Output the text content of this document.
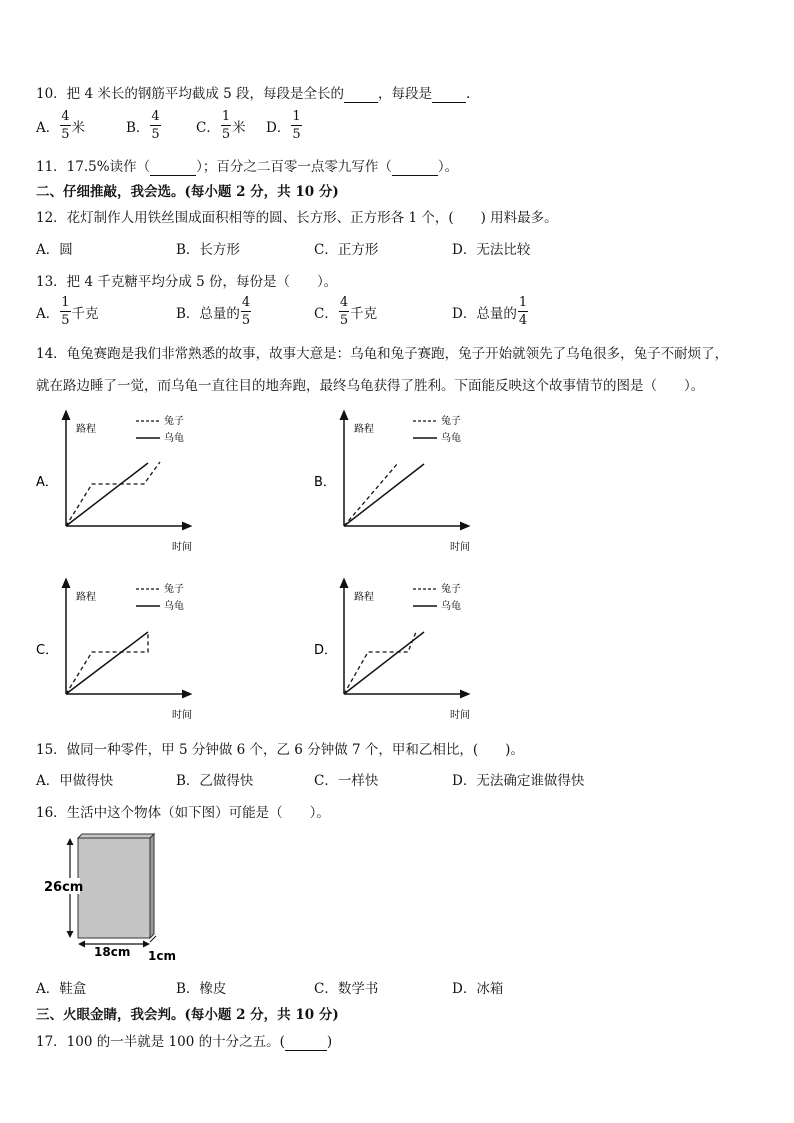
10．把 4 米长的钢筋平均截成 5 段，每段是全长的	，每段是	.
A． $\frac{4}{5}$ 米	B． $\frac{4}{5}$	C． $\frac{1}{5}$ 米 D． $\frac{1}{5}$
11．17.5%读作（	）；百分之二百零一点零九写作（	）。
二、仔细推敲，我会选。(每小题 2 分，共 10 分)
12．花灯制作人用铁丝围成面积相等的圆、长方形、正方形各 1 个，(　　) 用料最多。
A．圆	B．长方形	C．正方形	D．无法比较
13．把 4 千克糖平均分成 5 份，每份是（　　）。
A． $\frac{1}{5}$ 千克	B． 总量的 $\frac{4}{5}$	C． $\frac{4}{5}$ 千克	D． 总量的 $\frac{1}{4}$
14．龟兔赛跑是我们非常熟悉的故事，故事大意是：乌龟和兔子赛跑，兔子开始就领先了乌龟很多，兔子不耐烦了，
就在路边睡了一觉，而乌龟一直往目的地奔跑，最终乌龟获得了胜利。下面能反映这个故事情节的图是（　　）。
A．
路程
时间
兔子
乌龟
B．
路程
时间
兔子
乌龟
C．
路程
时间
兔子
乌龟
D．
路程
时间
兔子
乌龟
15．做同一种零件，甲 5 分钟做 6 个，乙 6 分钟做 7 个，甲和乙相比，(　　)。
A．甲做得快	B．乙做得快	C．一样快	D．无法确定谁做得快
16．生活中这个物体（如下图）可能是（　　）。
26cm
18cm 1cm
A．鞋盒	B．橡皮	C．数学书	D．冰箱
三、火眼金睛，我会判。(每小题 2 分，共 10 分)
17．100 的一半就是 100 的十分之五。(	)
